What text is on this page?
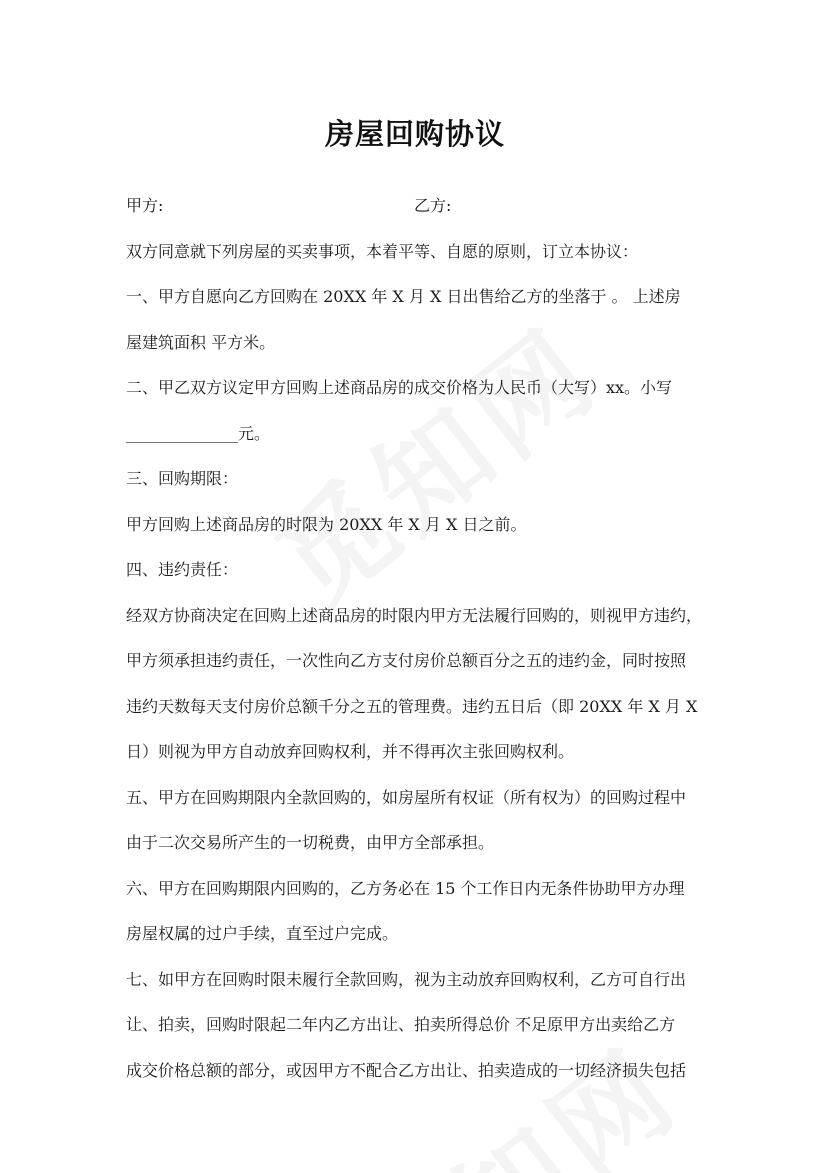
房屋回购协议
甲方:	乙方:
双方同意就下列房屋的买卖事项，本着平等、自愿的原则，订立本协议：
一、甲方自愿向乙方回购在 20XX 年 X 月 X 日出售给乙方的坐落于 。 上述房
屋建筑面积 平方米。
二、甲乙双方议定甲方回购上述商品房的成交价格为人民币（大写）xx。小写
______________元。
三、回购期限：
甲方回购上述商品房的时限为 20XX 年 X 月 X 日之前。
四、违约责任：
经双方协商决定在回购上述商品房的时限内甲方无法履行回购的，则视甲方违约，
甲方须承担违约责任，一次性向乙方支付房价总额百分之五的违约金，同时按照
违约天数每天支付房价总额千分之五的管理费。违约五日后（即 20XX 年 X 月 X
日）则视为甲方自动放弃回购权利，并不得再次主张回购权利。
五、甲方在回购期限内全款回购的，如房屋所有权证（所有权为）的回购过程中
由于二次交易所产生的一切税费，由甲方全部承担。
六、甲方在回购期限内回购的，乙方务必在 15 个工作日内无条件协助甲方办理
房屋权属的过户手续，直至过户完成。
七、如甲方在回购时限未履行全款回购，视为主动放弃回购权利，乙方可自行出
让、拍卖，回购时限起二年内乙方出让、拍卖所得总价 不足原甲方出卖给乙方
成交价格总额的部分，或因甲方不配合乙方出让、拍卖造成的一切经济损失包括
